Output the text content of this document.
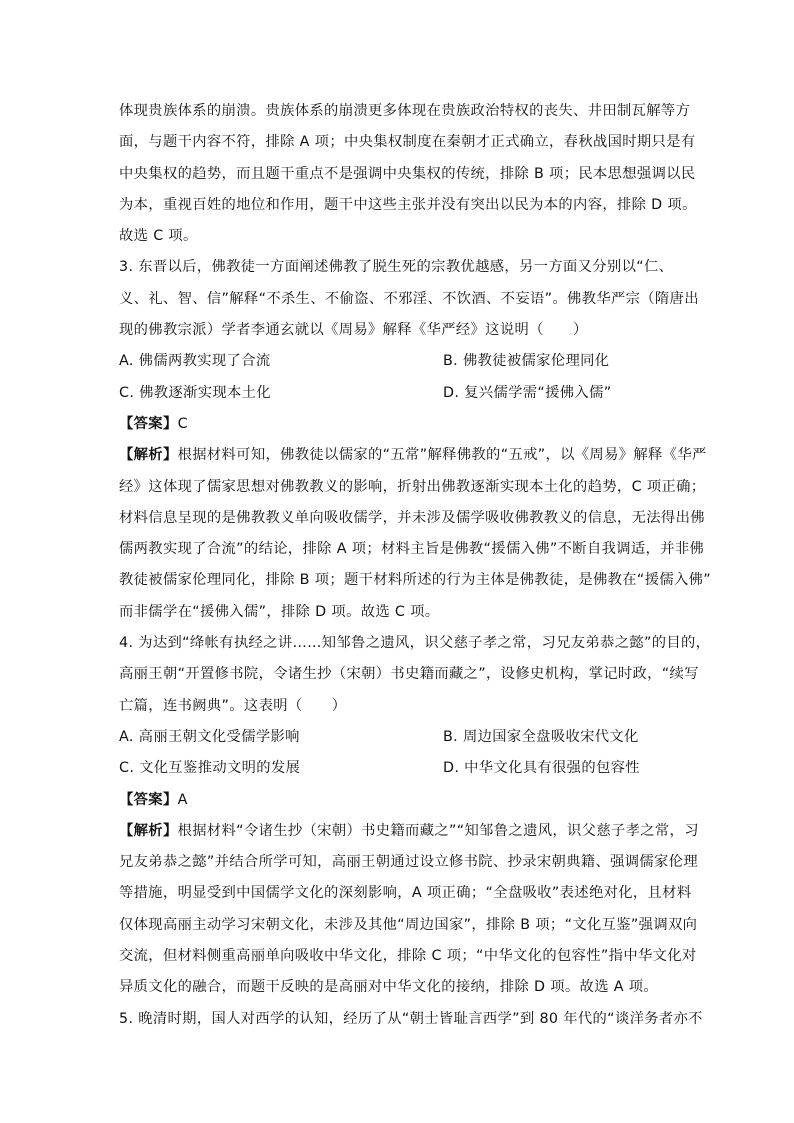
体现贵族体系的崩溃。贵族体系的崩溃更多体现在贵族政治特权的丧失、井田制瓦解等方
面，与题干内容不符，排除 A 项；中央集权制度在秦朝才正式确立，春秋战国时期只是有
中央集权的趋势，而且题干重点不是强调中央集权的传统，排除 B 项；民本思想强调以民
为本，重视百姓的地位和作用，题干中这些主张并没有突出以民为本的内容，排除 D 项。
故选 C 项。
3. 东晋以后，佛教徒一方面阐述佛教了脱生死的宗教优越感，另一方面又分别以“仁、
义、礼、智、信”解释“不杀生、不偷盗、不邪淫、不饮酒、不妄语”。佛教华严宗（隋唐出
现的佛教宗派）学者李通玄就以《周易》解释《华严经》这说明（　　）
A. 佛儒两教实现了合流	B. 佛教徒被儒家伦理同化
C. 佛教逐渐实现本土化	D. 复兴儒学需“援佛入儒”
【答案】C
【解析】根据材料可知，佛教徒以儒家的“五常”解释佛教的“五戒”，以《周易》解释《华严
经》这体现了儒家思想对佛教教义的影响，折射出佛教逐渐实现本土化的趋势，C 项正确；
材料信息呈现的是佛教教义单向吸收儒学，并未涉及儒学吸收佛教教义的信息，无法得出佛
儒两教实现了合流”的结论，排除 A 项；材料主旨是佛教“援儒入佛”不断自我调适，并非佛
教徒被儒家伦理同化，排除 B 项；题干材料所述的行为主体是佛教徒，是佛教在“援儒入佛”
而非儒学在“援佛入儒”，排除 D 项。故选 C 项。
4. 为达到“绛帐有执经之讲……知邹鲁之遗风，识父慈子孝之常，习兄友弟恭之懿”的目的，
高丽王朝“开置修书院，令诸生抄（宋朝）书史籍而藏之”，设修史机构，掌记时政，“续写
亡篇，连书阙典”。这表明（　　）
A. 高丽王朝文化受儒学影响	B. 周边国家全盘吸收宋代文化
C. 文化互鉴推动文明的发展	D. 中华文化具有很强的包容性
【答案】A
【解析】根据材料“令诸生抄（宋朝）书史籍而藏之”“知邹鲁之遗风，识父慈子孝之常，习
兄友弟恭之懿”并结合所学可知，高丽王朝通过设立修书院、抄录宋朝典籍、强调儒家伦理
等措施，明显受到中国儒学文化的深刻影响，A 项正确；“全盘吸收”表述绝对化，且材料
仅体现高丽主动学习宋朝文化，未涉及其他“周边国家”，排除 B 项；“文化互鉴”强调双向
交流，但材料侧重高丽单向吸收中华文化，排除 C 项；“中华文化的包容性”指中华文化对
异质文化的融合，而题干反映的是高丽对中华文化的接纳，排除 D 项。故选 A 项。
5. 晚清时期，国人对西学的认知，经历了从“朝士皆耻言西学”到 80 年代的“谈洋务者亦不
